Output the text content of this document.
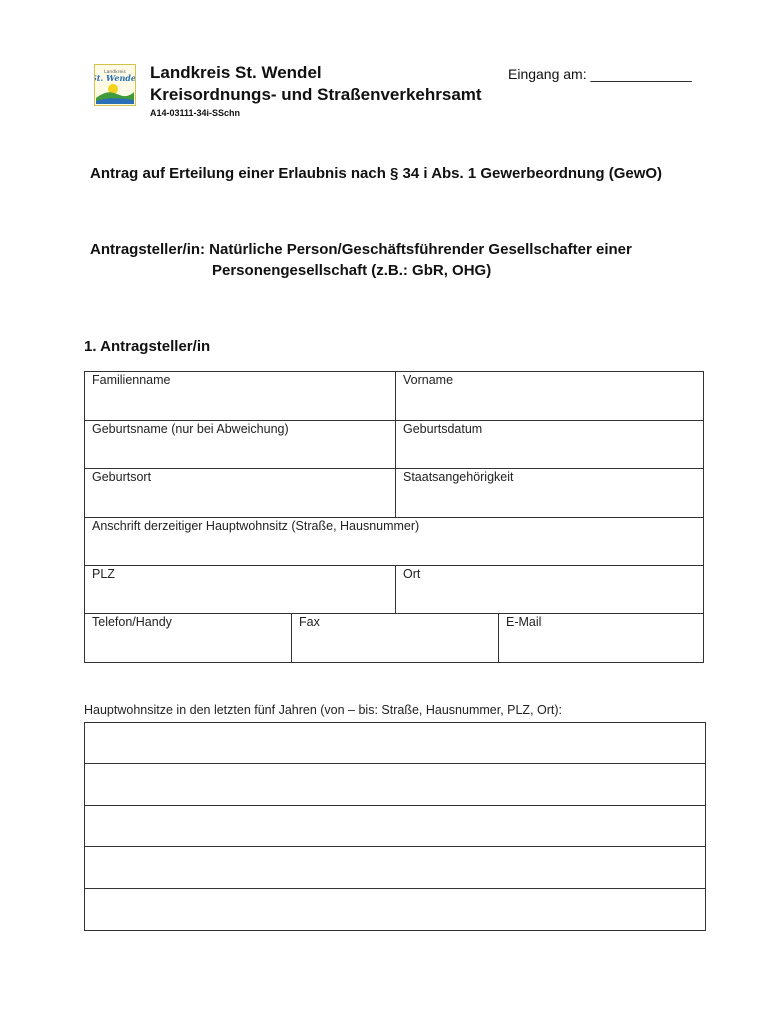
Landkreis
t. Wend	Landkreis St. Wendel
Kreisordnungs- und Straßenverkehrsamt
A14-03111-34i-SSchn
Eingang am: _____________
Antrag auf Erteilung einer Erlaubnis nach § 34 i Abs. 1 Gewerbeordnung (GewO)
Antragsteller/in: Natürliche Person/Geschäftsführender Gesellschafter einer
Personengesellschaft (z.B.: GbR, OHG)
1. Antragsteller/in
Familienname	Vorname
Geburtsname (nur bei Abweichung)	Geburtsdatum
Geburtsort	Staatsangehörigkeit
Anschrift derzeitiger Hauptwohnsitz (Straße, Hausnummer)
PLZ	Ort
Telefon/Handy	Fax	E-Mail
Hauptwohnsitze in den letzten fünf Jahren (von – bis: Straße, Hausnummer, PLZ, Ort):
